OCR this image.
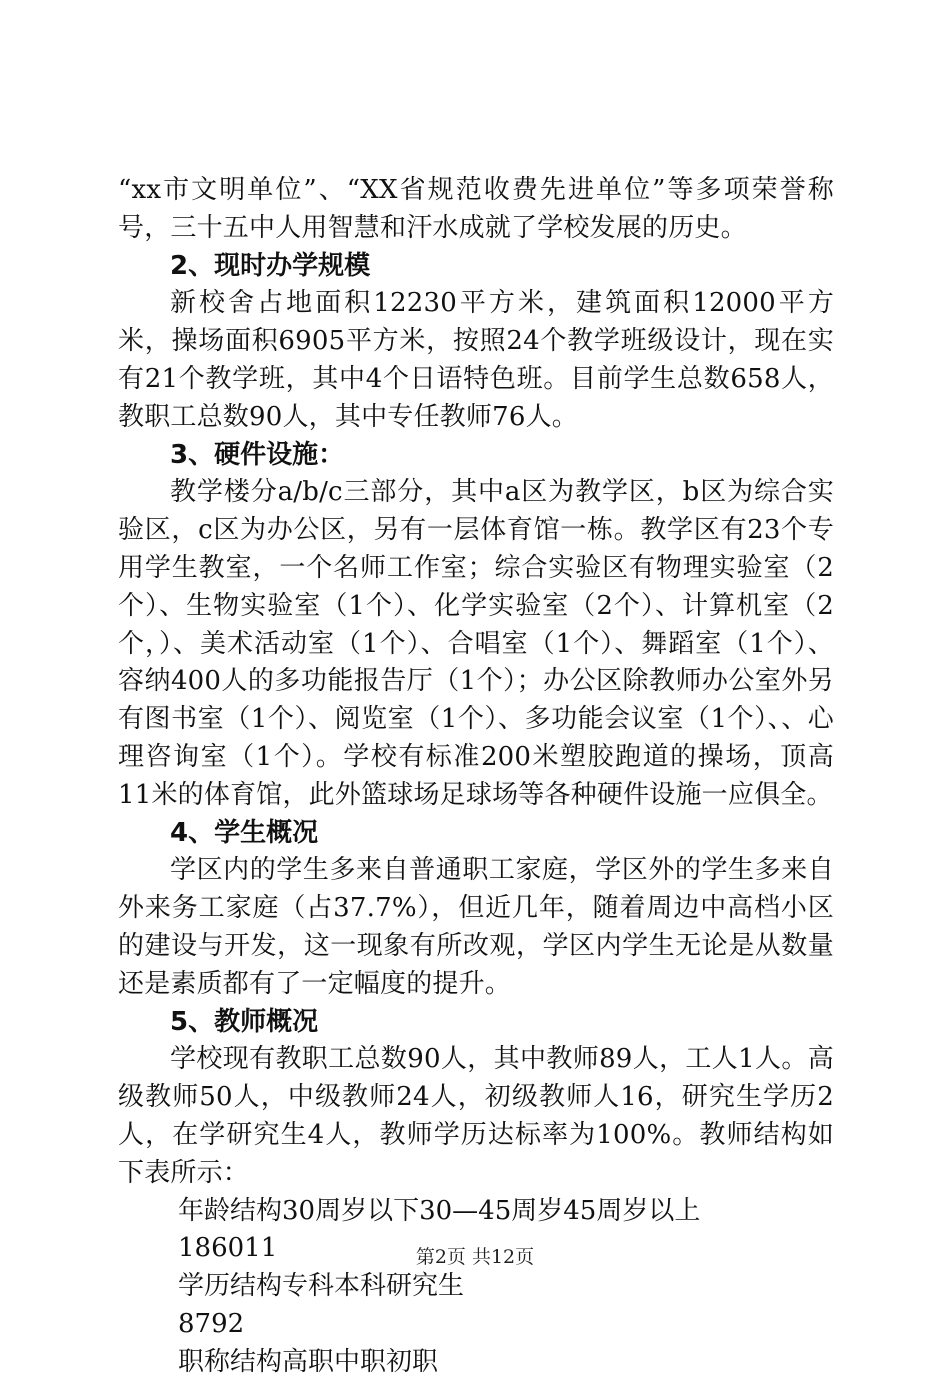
“xx市文明单位”、“XX省规范收费先进单位”等多项荣誉称号，三十五中人用智慧和汗水成就了学校发展的历史。

2、现时办学规模

新校舍占地面积12230平方米，建筑面积12000平方米，操场面积6905平方米，按照24个教学班级设计，现在实有21个教学班，其中4个日语特色班。目前学生总数658人，教职工总数90人，其中专任教师76人。

3、硬件设施：

教学楼分a/b/c三部分，其中a区为教学区，b区为综合实验区，c区为办公区，另有一层体育馆一栋。教学区有23个专用学生教室，一个名师工作室；综合实验区有物理实验室（2个）、生物实验室（1个）、化学实验室（2个）、计算机室（2个，）、美术活动室（1个）、合唱室（1个）、舞蹈室（1个）、容纳400人的多功能报告厅（1个）；办公区除教师办公室外另有图书室（1个）、阅览室（1个）、多功能会议室（1个）、、心理咨询室（1个）。学校有标准200米塑胶跑道的操场，顶高11米的体育馆，此外篮球场足球场等各种硬件设施一应俱全。

4、学生概况

学区内的学生多来自普通职工家庭，学区外的学生多来自外来务工家庭（占37.7%），但近几年，随着周边中高档小区的建设与开发，这一现象有所改观，学区内学生无论是从数量还是素质都有了一定幅度的提升。

5、教师概况

学校现有教职工总数90人，其中教师89人，工人1人。高级教师50人，中级教师24人，初级教师人16，研究生学历2人，在学研究生4人，教师学历达标率为100%。教师结构如下表所示：

年龄结构30周岁以下30—45周岁45周岁以上

186011

学历结构专科本科研究生

8792

职称结构高职中职初职

第2页 共12页
